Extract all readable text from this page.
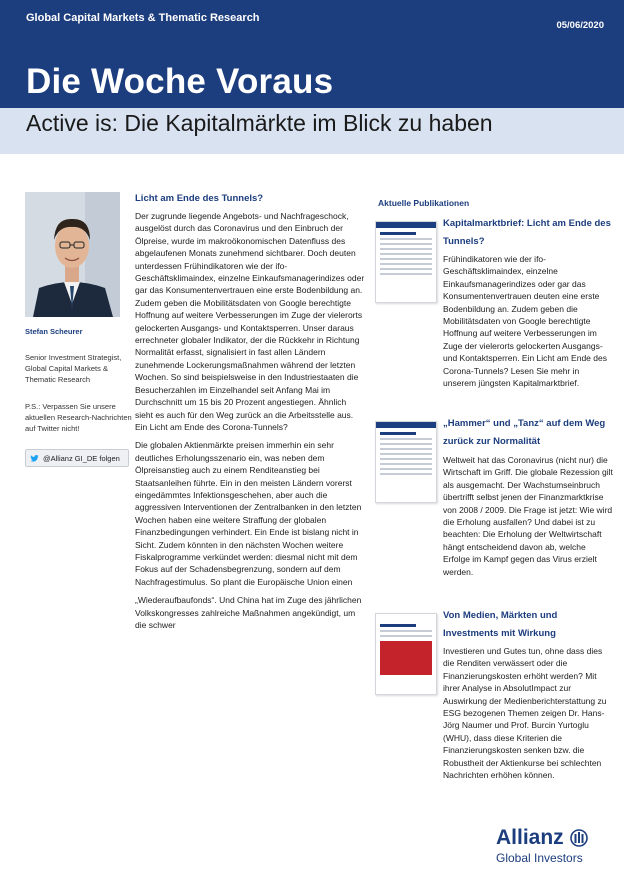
Global Capital Markets & Thematic Research
05/06/2020
Die Woche Voraus
Active is: Die Kapitalmärkte im Blick zu haben
Stefan Scheurer
Senior Investment Strategist, Global Capital Markets & Thematic Research
P.S.: Verpassen Sie unsere aktuellen Research-Nachrichten auf Twitter nicht!
@Allianz GI_DE folgen
Licht am Ende des Tunnels?

Der zugrunde liegende Angebots- und Nachfrageschock, ausgelöst durch das Coronavirus und den Einbruch der Ölpreise, wurde im makroökonomischen Datenfluss des abgelaufenen Monats zunehmend sichtbarer. Doch deuten unterdessen Frühindikatoren wie der ifo-Geschäftsklimaindex, einzelne Einkaufsmanagerindizes oder gar das Konsumentenvertrauen eine erste Bodenbildung an. Zudem geben die Mobilitätsdaten von Google berechtigte Hoffnung auf weitere Verbesserungen im Zuge der vielerorts gelockerten Ausgangs- und Kontaktsperren. Unser daraus errechneter globaler Indikator, der die Rückkehr in Richtung Normalität erfasst, signalisiert in fast allen Ländern zunehmende Lockerungsmaßnahmen während der letzten Wochen. So sind beispielsweise in den Industriestaaten die Besucherzahlen im Einzelhandel seit Anfang Mai im Durchschnitt um 15 bis 20 Prozent angestiegen. Ähnlich sieht es auch für den Weg zurück an die Arbeitsstelle aus. Ein Licht am Ende des Corona-Tunnels?

Die globalen Aktienmärkte preisen immerhin ein sehr deutliches Erholungsszenario ein, was neben dem Ölpreisanstieg auch zu einem Renditeanstieg bei Staatsanleihen führte. Ein in den meisten Ländern vorerst eingedämmtes Infektionsgeschehen, aber auch die aggressiven Interventionen der Zentralbanken in den letzten Wochen haben eine weitere Straffung der globalen Finanzbedingungen verhindert. Ein Ende ist bislang nicht in Sicht. Zudem könnten in den nächsten Wochen weitere Fiskalprogramme verkündet werden: diesmal nicht mit dem Fokus auf der Schadensbegrenzung, sondern auf dem Nachfragestimulus. So plant die Europäische Union einen

„Wiederaufbaufonds“. Und China hat im Zuge des jährlichen Volkskongresses zahlreiche Maßnahmen angekündigt, um die schwer

Aktuelle Publikationen
Kapitalmarktbrief: Licht am Ende des Tunnels?
Frühindikatoren wie der ifo-Geschäftsklimaindex, einzelne Einkaufsmanagerindizes oder gar das Konsumentenvertrauen deuten eine erste Bodenbildung an. Zudem geben die Mobilitätsdaten von Google berechtigte Hoffnung auf weitere Verbesserungen im Zuge der vielerorts gelockerten Ausgangs- und Kontaktsperren. Ein Licht am Ende des Corona-Tunnels? Lesen Sie mehr in unserem jüngsten Kapitalmarktbrief.
„Hammer“ und „Tanz“ auf dem Weg zurück zur Normalität
Weltweit hat das Coronavirus (nicht nur) die Wirtschaft im Griff. Die globale Rezession gilt als ausgemacht. Der Wachstumseinbruch übertrifft selbst jenen der Finanzmarktkrise von 2008 / 2009. Die Frage ist jetzt: Wie wird die Erholung ausfallen? Und dabei ist zu beachten: Die Erholung der Weltwirtschaft hängt entscheidend davon ab, welche Erfolge im Kampf gegen das Virus erzielt werden.
Von Medien, Märkten und Investments mit Wirkung
Investieren und Gutes tun, ohne dass dies die Renditen verwässert oder die Finanzierungskosten erhöht werden? Mit ihrer Analyse in AbsolutImpact zur Auswirkung der Medienberichterstattung zu ESG bezogenen Themen zeigen Dr. Hans-Jörg Naumer und Prof. Burcin Yurtoglu (WHU), dass diese Kriterien die Finanzierungskosten senken bzw. die Robustheit der Aktienkurse bei schlechten Nachrichten erhöhen können.
Allianz
Global Investors
